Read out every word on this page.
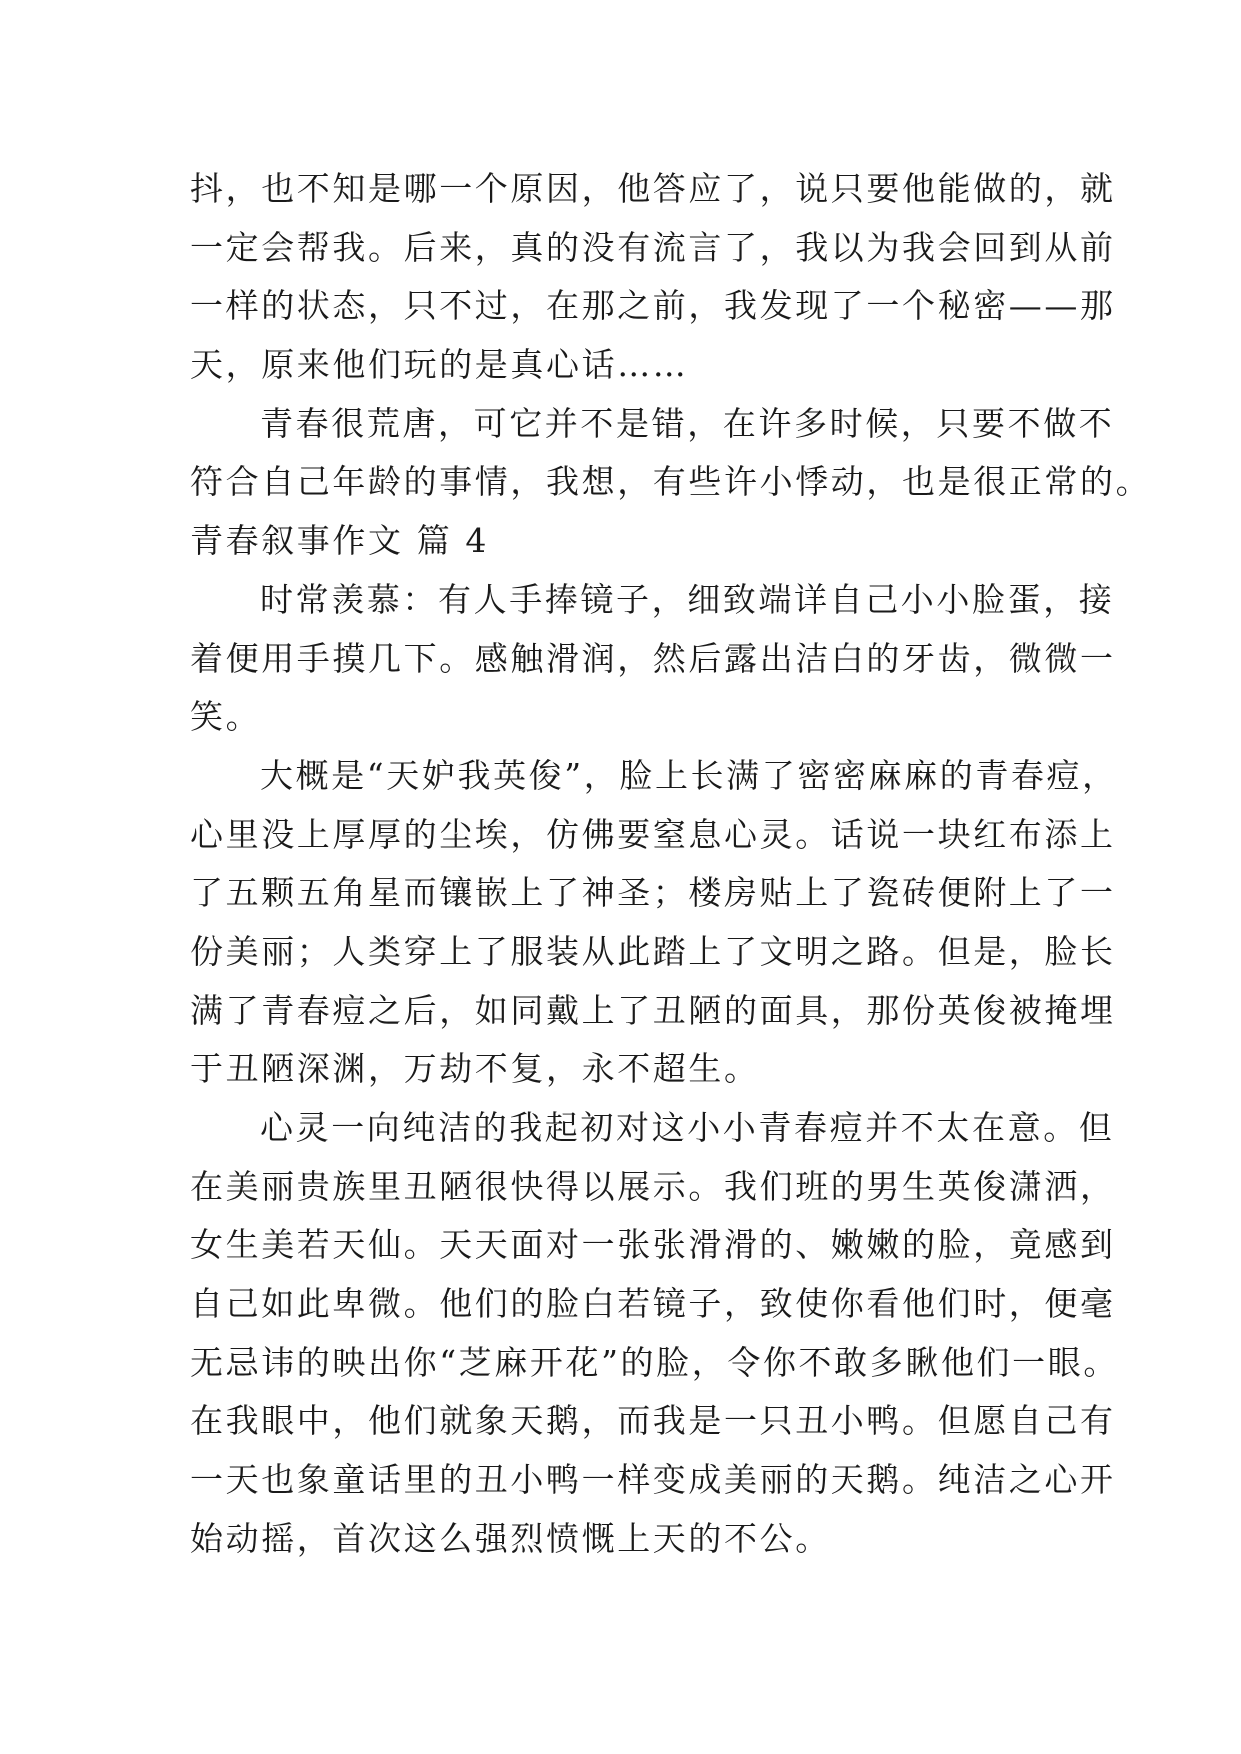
抖，也不知是哪一个原因，他答应了，说只要他能做的，就
一定会帮我。后来，真的没有流言了，我以为我会回到从前
一样的状态，只不过，在那之前，我发现了一个秘密——那
天，原来他们玩的是真心话……
青春很荒唐，可它并不是错，在许多时候，只要不做不
符合自己年龄的事情，我想，有些许小悸动，也是很正常的。
青春叙事作文 篇 4
时常羡慕：有人手捧镜子，细致端详自己小小脸蛋，接
着便用手摸几下。感触滑润，然后露出洁白的牙齿，微微一
笑。
大概是“天妒我英俊”，脸上长满了密密麻麻的青春痘，
心里没上厚厚的尘埃，仿佛要窒息心灵。话说一块红布添上
了五颗五角星而镶嵌上了神圣；楼房贴上了瓷砖便附上了一
份美丽；人类穿上了服装从此踏上了文明之路。但是，脸长
满了青春痘之后，如同戴上了丑陋的面具，那份英俊被掩埋
于丑陋深渊，万劫不复，永不超生。
心灵一向纯洁的我起初对这小小青春痘并不太在意。但
在美丽贵族里丑陋很快得以展示。我们班的男生英俊潇洒，
女生美若天仙。天天面对一张张滑滑的、嫩嫩的脸，竟感到
自己如此卑微。他们的脸白若镜子，致使你看他们时，便毫
无忌讳的映出你“芝麻开花”的脸，令你不敢多瞅他们一眼。
在我眼中，他们就象天鹅，而我是一只丑小鸭。但愿自己有
一天也象童话里的丑小鸭一样变成美丽的天鹅。纯洁之心开
始动摇，首次这么强烈愤慨上天的不公。
